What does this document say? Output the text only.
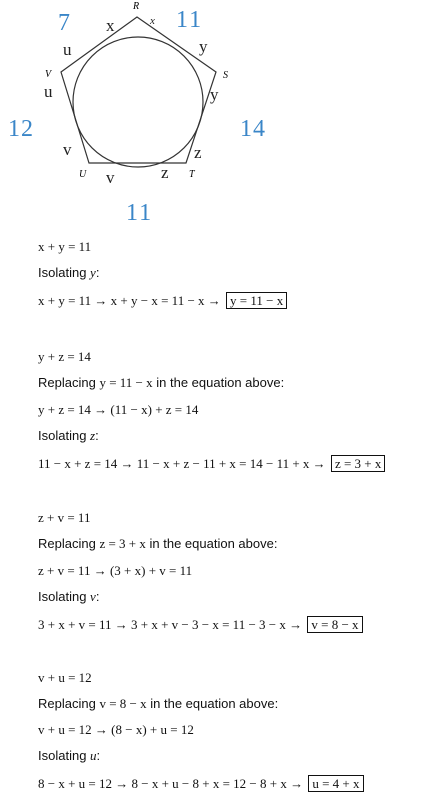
R
S
T
U
V
x	x
y
y
z
z
v
v
u
u
7	11
14
11
12
x + y = 11
Isolating y:
x + y = 11 → x + y − x = 11 − x → y = 11 − x
y + z = 14
Replacing y = 11 − x in the equation above:
y + z = 14 → (11 − x) + z = 14
Isolating z:
11 − x + z = 14 → 11 − x + z − 11 + x = 14 − 11 + x → z = 3 + x
z + v = 11
Replacing z = 3 + x in the equation above:
z + v = 11 → (3 + x) + v = 11
Isolating v:
3 + x + v = 11 → 3 + x + v − 3 − x = 11 − 3 − x → v = 8 − x
v + u = 12
Replacing v = 8 − x in the equation above:
v + u = 12 → (8 − x) + u = 12
Isolating u:
8 − x + u = 12 → 8 − x + u − 8 + x = 12 − 8 + x → u = 4 + x
